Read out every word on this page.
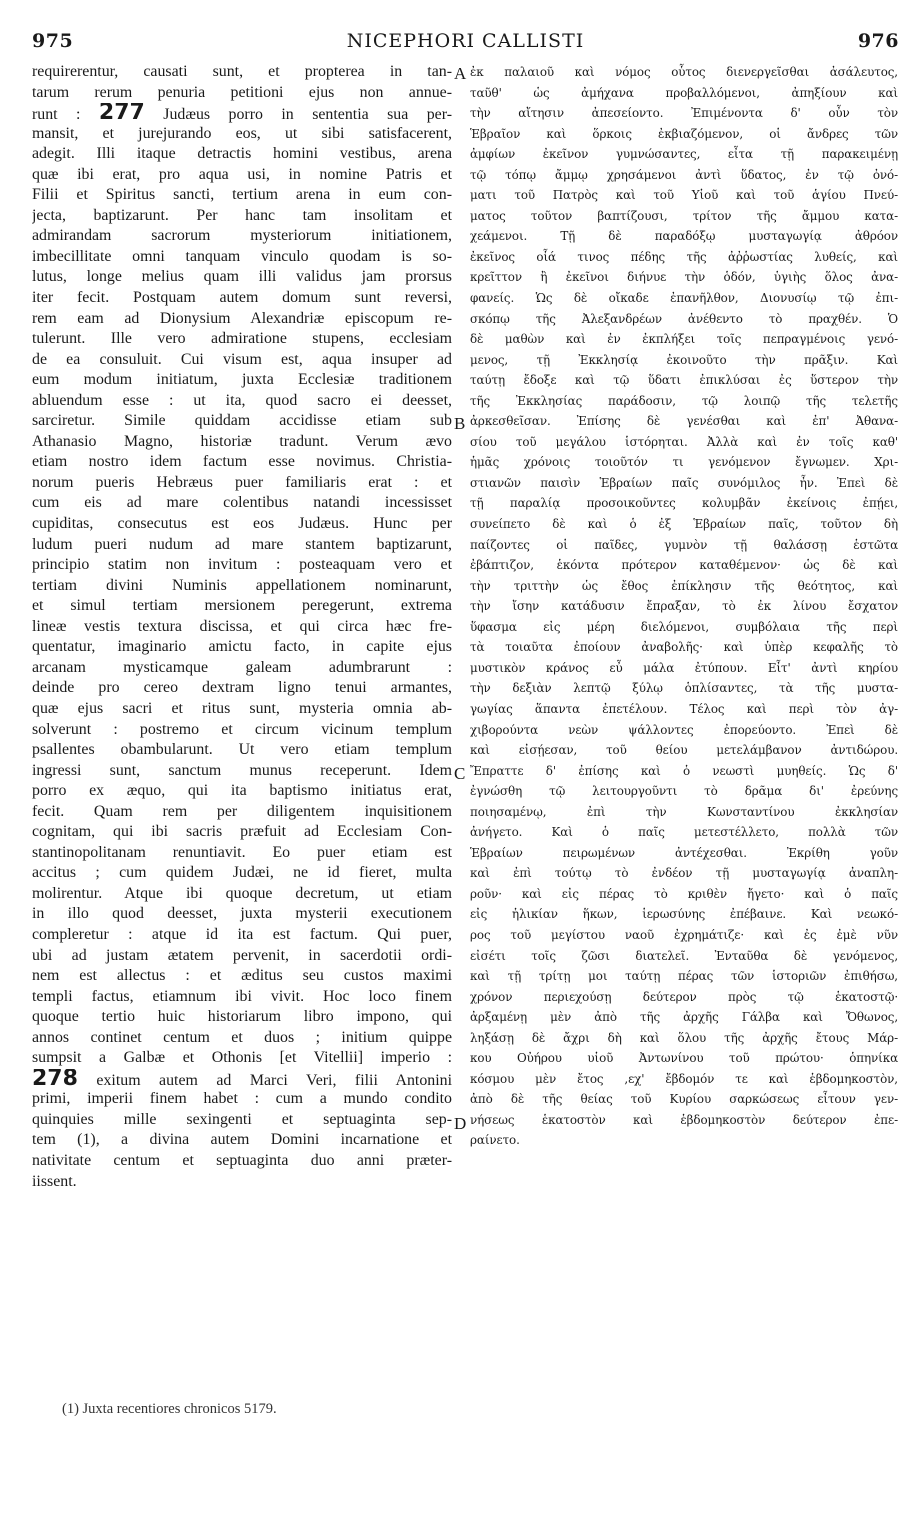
975	NICEPHORI CALLISTI	976
requirerentur, causati sunt, et propterea in tan-
tarum rerum penuria petitioni ejus non annue-
runt : 277 Judæus porro in sententia sua per-
mansit, et jurejurando eos, ut sibi satisfacerent,
adegit. Illi itaque detractis homini vestibus, arena
quæ ibi erat, pro aqua usi, in nomine Patris et
Filii et Spiritus sancti, tertium arena in eum con-
jecta, baptizarunt. Per hanc tam insolitam et
admirandam sacrorum mysteriorum initiationem,
imbecillitate omni tanquam vinculo quodam is so-
lutus, longe melius quam illi validus jam prorsus
iter fecit. Postquam autem domum sunt reversi,
rem eam ad Dionysium Alexandriæ episcopum re-
tulerunt. Ille vero admiratione stupens, ecclesiam
de ea consuluit. Cui visum est, aqua insuper ad
eum modum initiatum, juxta Ecclesiæ traditionem
abluendum esse : ut ita, quod sacro ei deesset,
sarciretur. Simile quiddam accidisse etiam sub
Athanasio Magno, historiæ tradunt. Verum ævo
etiam nostro idem factum esse novimus. Christia-
norum pueris Hebræus puer familiaris erat : et
cum eis ad mare colentibus natandi incessisset
cupiditas, consecutus est eos Judæus. Hunc per
ludum pueri nudum ad mare stantem baptizarunt,
principio statim non invitum : posteaquam vero et
tertiam divini Numinis appellationem nominarunt,
et simul tertiam mersionem peregerunt, extrema
lineæ vestis textura discissa, et qui circa hæc fre-
quentatur, imaginario amictu facto, in capite ejus
arcanam mysticamque galeam adumbrarunt :
deinde pro cereo dextram ligno tenui armantes,
quæ ejus sacri et ritus sunt, mysteria omnia ab-
solverunt : postremo et circum vicinum templum
psallentes obambularunt. Ut vero etiam templum
ingressi sunt, sanctum munus receperunt. Idem
porro ex æquo, qui ita baptismo initiatus erat,
fecit. Quam rem per diligentem inquisitionem
cognitam, qui ibi sacris præfuit ad Ecclesiam Con-
stantinopolitanam renuntiavit. Eo puer etiam est
accitus ; cum quidem Judæi, ne id fieret, multa
molirentur. Atque ibi quoque decretum, ut etiam
in illo quod deesset, juxta mysterii executionem
compleretur : atque id ita est factum. Qui puer,
ubi ad justam ætatem pervenit, in sacerdotii ordi-
nem est allectus : et æditus seu custos maximi
templi factus, etiamnum ibi vivit. Hoc loco finem
quoque tertio huic historiarum libro impono, qui
annos continet centum et duos ; initium quippe
sumpsit a Galbæ et Othonis [et Vitellii] imperio :
278 exitum autem ad Marci Veri, filii Antonini
primi, imperii finem habet : cum a mundo condito
quinquies mille sexingenti et septuaginta sep-
tem (1), a divina autem Domini incarnatione et
nativitate centum et septuaginta duo anni præter-
iissent.
A
B
C
D
ἐκ παλαιοῦ καὶ νόμος οὗτος διενεργεῖσθαι ἀσάλευτος,
ταῦθ' ὡς ἀμήχανα προβαλλόμενοι, ἀπηξίουν καὶ
τὴν αἴτησιν ἀπεσείοντο. Ἐπιμένοντα δ' οὖν τὸν
Ἑβραῖον καὶ ὅρκοις ἐκβιαζόμενον, οἱ ἄνδρες τῶν
ἀμφίων ἐκεῖνον γυμνώσαντες, εἶτα τῇ παρακειμένῃ
τῷ τόπῳ ἄμμῳ χρησάμενοι ἀντὶ ὕδατος, ἐν τῷ ὀνό-
ματι τοῦ Πατρὸς καὶ τοῦ Υἱοῦ καὶ τοῦ ἁγίου Πνεύ-
ματος τοῦτον βαπτίζουσι, τρίτον τῆς ἄμμου κατα-
χεάμενοι. Τῇ δὲ παραδόξῳ μυσταγωγίᾳ ἀθρόον
ἐκεῖνος οἷά τινος πέδης τῆς ἀῤῥωστίας λυθείς, καὶ
κρεῖττον ἢ ἐκεῖνοι διήνυε τὴν ὁδόν, ὑγιὴς ὅλος ἀνα-
φανείς. Ὡς δὲ οἴκαδε ἐπανῆλθον, Διονυσίῳ τῷ ἐπι-
σκόπῳ τῆς Ἀλεξανδρέων ἀνέθεντο τὸ πραχθέν. Ὁ
δὲ μαθὼν καὶ ἐν ἐκπλήξει τοῖς πεπραγμένοις γενό-
μενος, τῇ Ἐκκλησίᾳ ἐκοινοῦτο τὴν πρᾶξιν. Καὶ
ταύτῃ ἔδοξε καὶ τῷ ὕδατι ἐπικλύσαι ἐς ὕστερον τὴν
τῆς Ἐκκλησίας παράδοσιν, τῷ λοιπῷ τῆς τελετῆς
ἀρκεσθεῖσαν. Ἐπίσης δὲ γενέσθαι καὶ ἐπ' Ἀθανα-
σίου τοῦ μεγάλου ἱστόρηται. Ἀλλὰ καὶ ἐν τοῖς καθ'
ἡμᾶς χρόνοις τοιοῦτόν τι γενόμενον ἔγνωμεν. Χρι-
στιανῶν παισὶν Ἑβραίων παῖς συνόμιλος ἦν. Ἐπεὶ δὲ
τῇ παραλίᾳ προσοικοῦντες κολυμβᾶν ἐκείνοις ἐπῄει,
συνείπετο δὲ καὶ ὁ ἐξ Ἑβραίων παῖς, τοῦτον δὴ
παίζοντες οἱ παῖδες, γυμνὸν τῇ θαλάσσῃ ἑστῶτα
ἐβάπτιζον, ἑκόντα πρότερον καταθέμενον· ὡς δὲ καὶ
τὴν τριττὴν ὡς ἔθος ἐπίκλησιν τῆς θεότητος, καὶ
τὴν ἴσην κατάδυσιν ἔπραξαν, τὸ ἐκ λίνου ἔσχατον
ὕφασμα εἰς μέρη διελόμενοι, συμβόλαια τῆς περὶ
τὰ τοιαῦτα ἐποίουν ἀναβολῆς· καὶ ὑπὲρ κεφαλῆς τὸ
μυστικὸν κράνος εὖ μάλα ἐτύπουν. Εἶτ' ἀντὶ κηρίου
τὴν δεξιὰν λεπτῷ ξύλῳ ὁπλίσαντες, τὰ τῆς μυστα-
γωγίας ἅπαντα ἐπετέλουν. Τέλος καὶ περὶ τὸν ἀγ-
χιβορούντα νεὼν ψάλλοντες ἐπορεύοντο. Ἐπεὶ δὲ
καὶ εἰσῄεσαν, τοῦ θείου μετελάμβανον ἀντιδώρου.
Ἔπραττε δ' ἐπίσης καὶ ὁ νεωστὶ μυηθείς. Ὡς δ'
ἐγνώσθη τῷ λειτουργοῦντι τὸ δρᾶμα δι' ἐρεύνης
ποιησαμένῳ, ἐπὶ τὴν Κωνσταντίνου ἐκκλησίαν
ἀνήγετο. Καὶ ὁ παῖς μετεστέλλετο, πολλὰ τῶν
Ἑβραίων πειρωμένων ἀντέχεσθαι. Ἐκρίθη γοῦν
καὶ ἐπὶ τούτῳ τὸ ἐνδέον τῇ μυσταγωγίᾳ ἀναπλη-
ροῦν· καὶ εἰς πέρας τὸ κριθὲν ἤγετο· καὶ ὁ παῖς
εἰς ἡλικίαν ἥκων, ἱερωσύνης ἐπέβαινε. Καὶ νεωκό-
ρος τοῦ μεγίστου ναοῦ ἐχρημάτιζε· καὶ ἐς ἐμὲ νῦν
εἰσέτι τοῖς ζῶσι διατελεῖ. Ἐνταῦθα δὲ γενόμενος,
καὶ τῇ τρίτῃ μοι ταύτῃ πέρας τῶν ἱστοριῶν ἐπιθήσω,
χρόνον περιεχούσῃ δεύτερον πρὸς τῷ ἑκατοστῷ·
ἀρξαμένῃ μὲν ἀπὸ τῆς ἀρχῆς Γάλβα καὶ Ὄθωνος,
ληξάσῃ δὲ ἄχρι δὴ καὶ ὅλου τῆς ἀρχῆς ἔτους Μάρ-
κου Οὐήρου υἱοῦ Ἀντωνίνου τοῦ πρώτου· ὁπηνίκα
κόσμου μὲν ἔτος ,εχ' ἔβδομόν τε καὶ ἑβδομηκοστὸν,
ἀπὸ δὲ τῆς θείας τοῦ Κυρίου σαρκώσεως εἶτουν γεν-
νήσεως ἑκατοστὸν καὶ ἑβδομηκοστὸν δεύτερον ἐπε-
ραίνετο.
(1) Juxta recentiores chronicos 5179.
